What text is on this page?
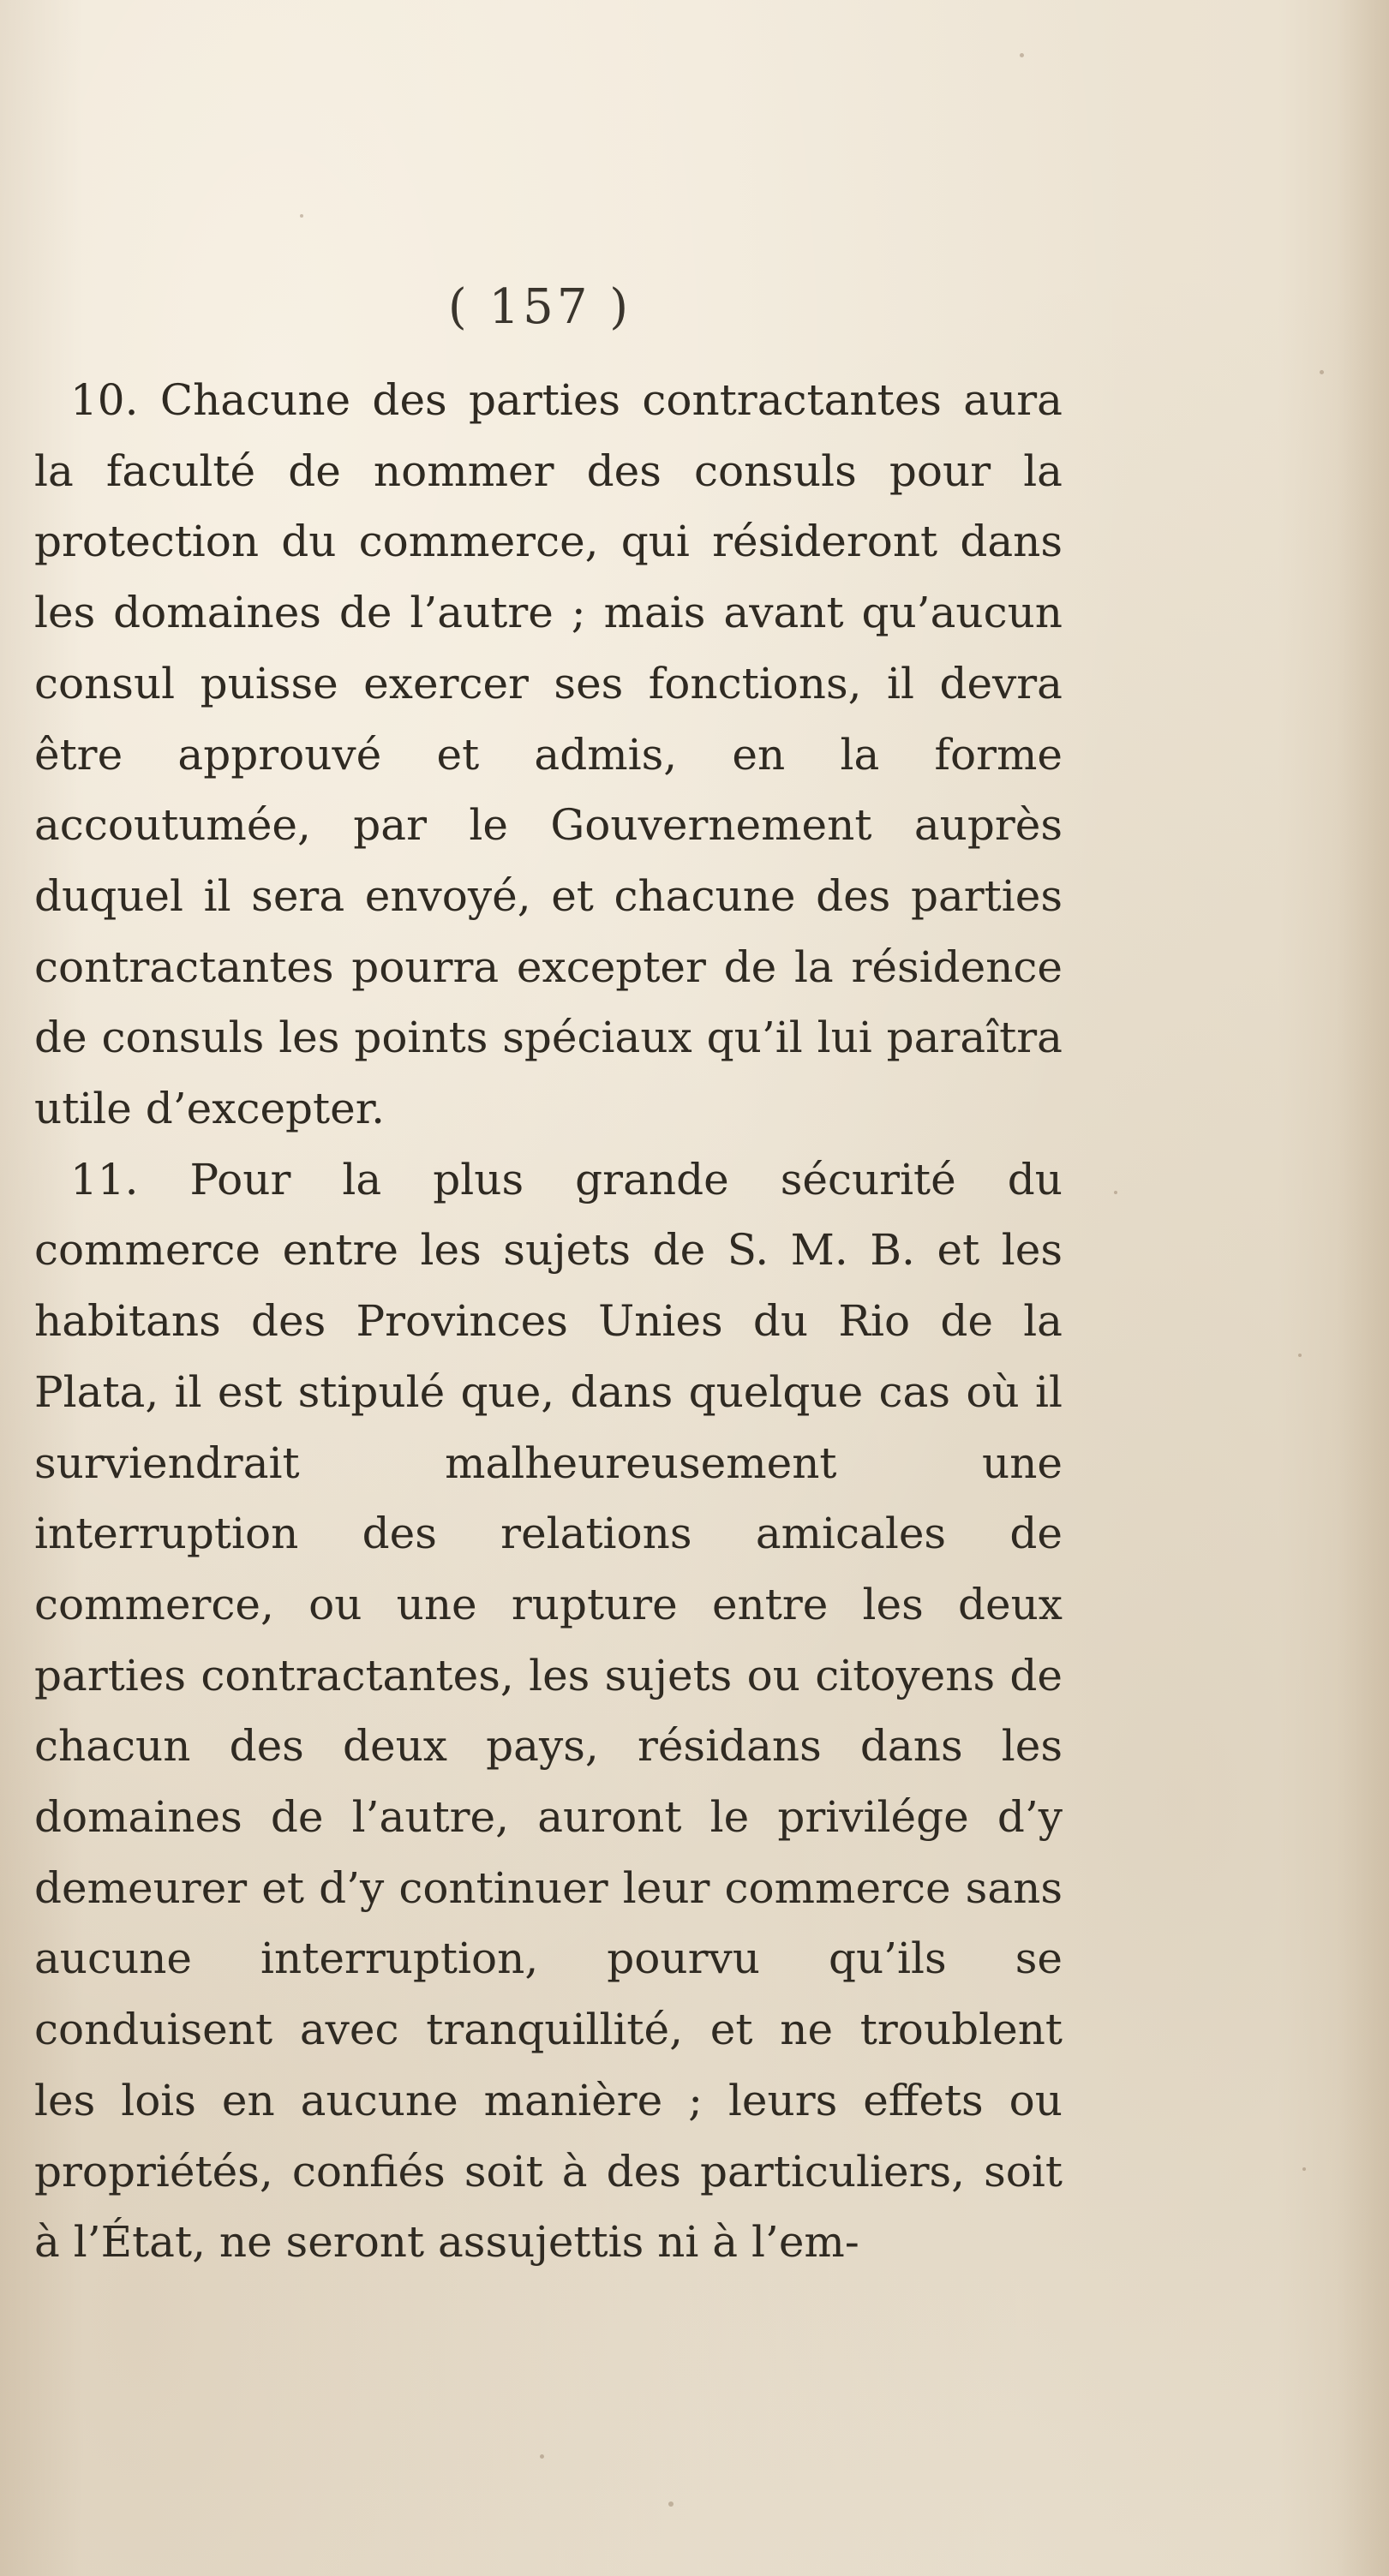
( 157 )

10. Chacune des parties contractantes aura la faculté de nommer des consuls pour la protection du commerce, qui résideront dans les domaines de l’autre ; mais avant qu’aucun consul puisse exercer ses fonctions, il devra être approuvé et admis, en la forme accoutumée, par le Gouvernement auprès duquel il sera envoyé, et chacune des parties contractantes pourra excepter de la résidence de consuls les points spéciaux qu’il lui paraîtra utile d’excepter.

11. Pour la plus grande sécurité du commerce entre les sujets de S. M. B. et les habitans des Provinces Unies du Rio de la Plata, il est stipulé que, dans quelque cas où il surviendrait malheureusement une interruption des relations amicales de commerce, ou une rupture entre les deux parties contractantes, les sujets ou citoyens de chacun des deux pays, résidans dans les domaines de l’autre, auront le privilége d’y demeurer et d’y continuer leur commerce sans aucune interruption, pourvu qu’ils se conduisent avec tranquillité, et ne troublent les lois en aucune manière ; leurs effets ou propriétés, confiés soit à des particuliers, soit à l’État, ne seront assujettis ni à l’em-
